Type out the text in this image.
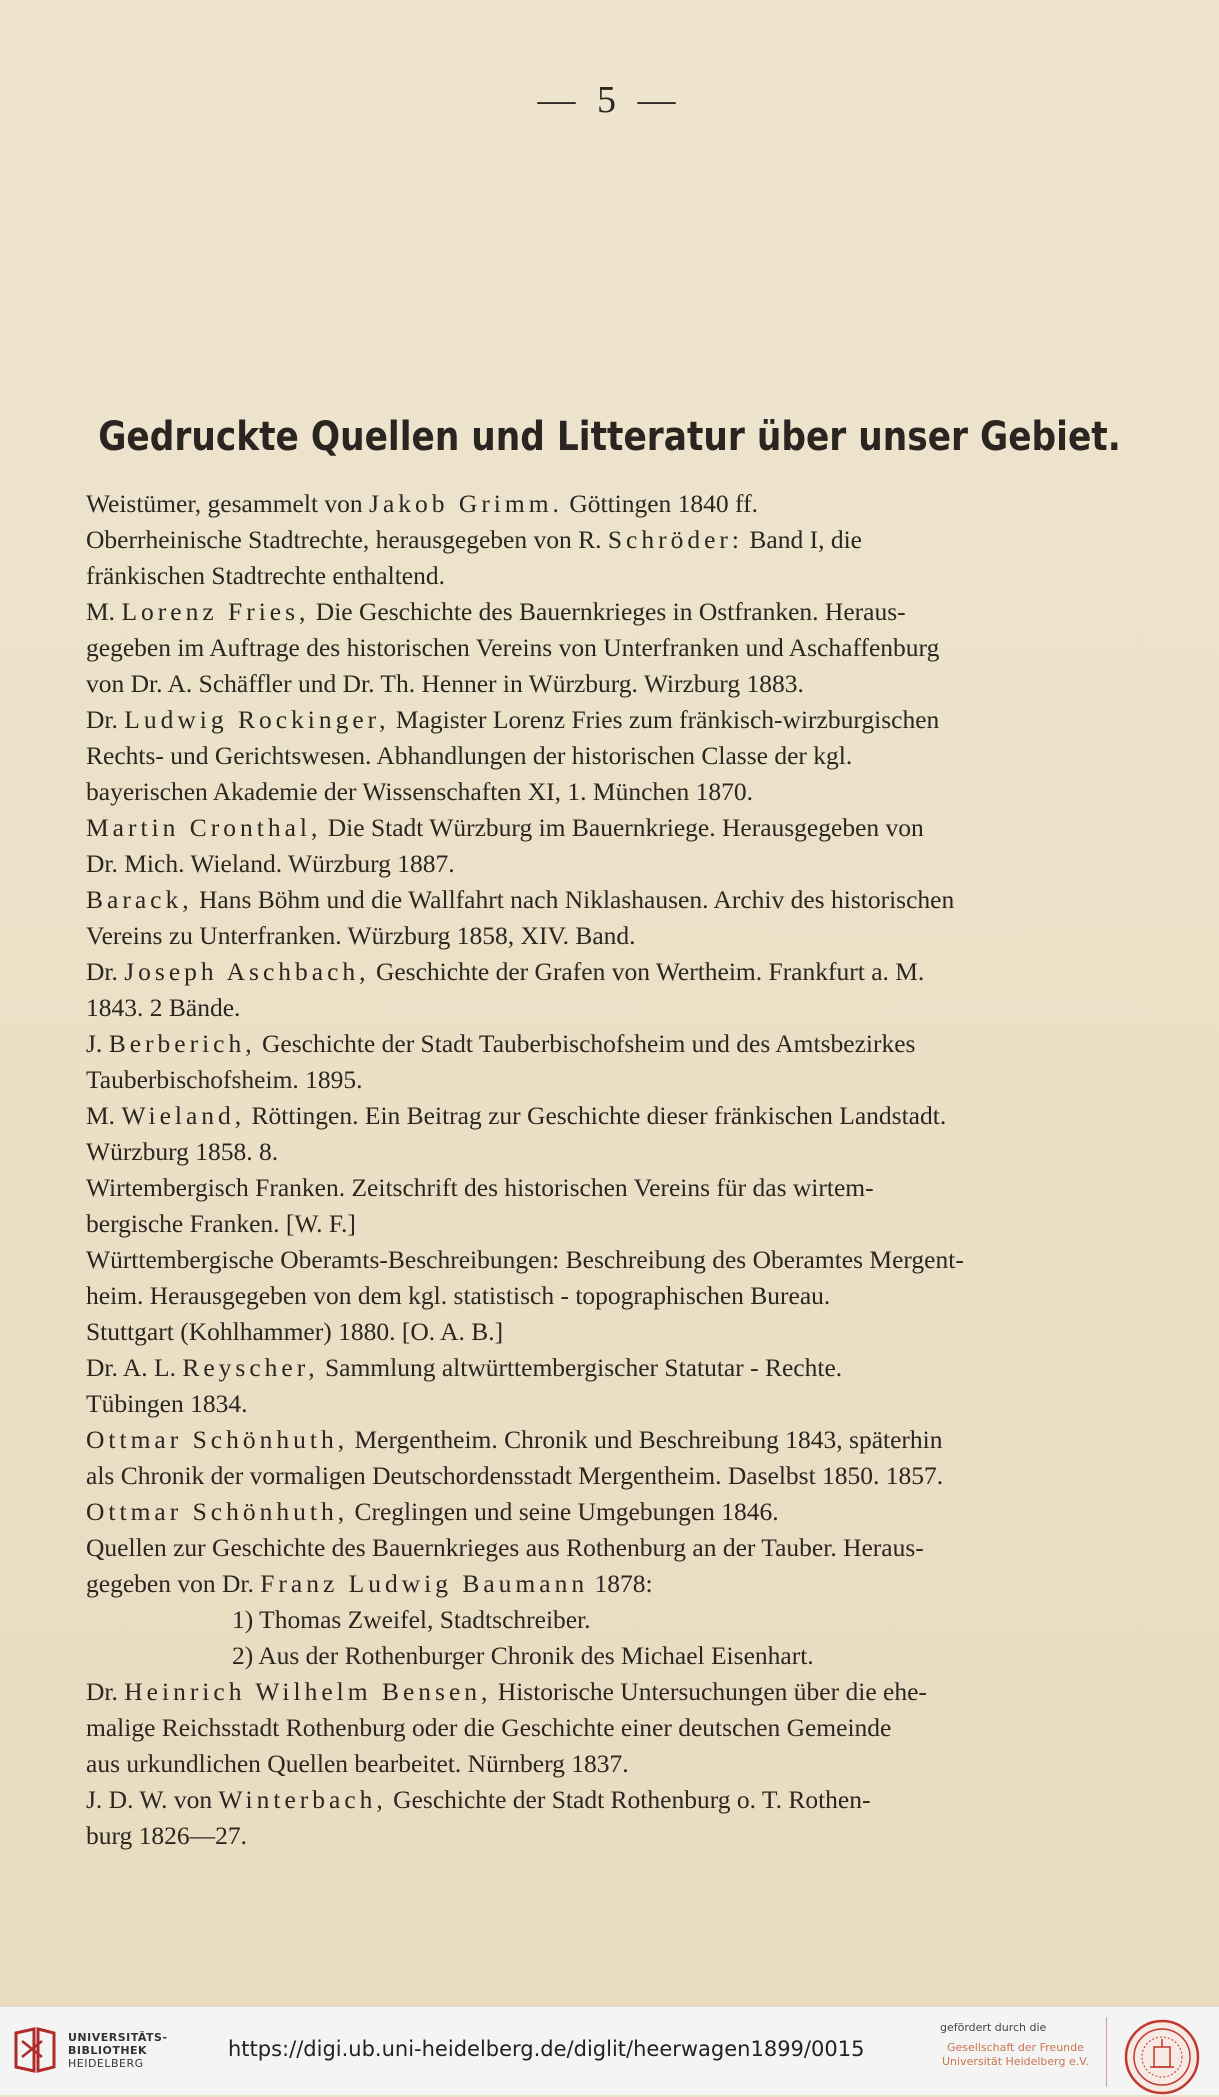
— 5 —
Gedruckte Quellen und Litteratur über unser Gebiet.
Weistümer, gesammelt von Jakob Grimm. Göttingen 1840 ff.
Oberrheinische Stadtrechte, herausgegeben von R. Schröder: Band I, die
fränkischen Stadtrechte enthaltend.
M. Lorenz Fries, Die Geschichte des Bauernkrieges in Ostfranken. Heraus-
gegeben im Auftrage des historischen Vereins von Unterfranken und Aschaffenburg
von Dr. A. Schäffler und Dr. Th. Henner in Würzburg. Wirzburg 1883.
Dr. Ludwig Rockinger, Magister Lorenz Fries zum fränkisch-wirzburgischen
Rechts- und Gerichtswesen. Abhandlungen der historischen Classe der kgl.
bayerischen Akademie der Wissenschaften XI, 1. München 1870.
Martin Cronthal, Die Stadt Würzburg im Bauernkriege. Herausgegeben von
Dr. Mich. Wieland. Würzburg 1887.
Barack, Hans Böhm und die Wallfahrt nach Niklashausen. Archiv des historischen
Vereins zu Unterfranken. Würzburg 1858, XIV. Band.
Dr. Joseph Aschbach, Geschichte der Grafen von Wertheim. Frankfurt a. M.
1843. 2 Bände.
J. Berberich, Geschichte der Stadt Tauberbischofsheim und des Amtsbezirkes
Tauberbischofsheim. 1895.
M. Wieland, Röttingen. Ein Beitrag zur Geschichte dieser fränkischen Landstadt.
Würzburg 1858. 8.
Wirtembergisch Franken. Zeitschrift des historischen Vereins für das wirtem-
bergische Franken. [W. F.]
Württembergische Oberamts-Beschreibungen: Beschreibung des Oberamtes Mergent-
heim. Herausgegeben von dem kgl. statistisch - topographischen Bureau.
Stuttgart (Kohlhammer) 1880. [O. A. B.]
Dr. A. L. Reyscher, Sammlung altwürttembergischer Statutar - Rechte.
Tübingen 1834.
Ottmar Schönhuth, Mergentheim. Chronik und Beschreibung 1843, späterhin
als Chronik der vormaligen Deutschordensstadt Mergentheim. Daselbst 1850. 1857.
Ottmar Schönhuth, Creglingen und seine Umgebungen 1846.
Quellen zur Geschichte des Bauernkrieges aus Rothenburg an der Tauber. Heraus-
gegeben von Dr. Franz Ludwig Baumann 1878:
1) Thomas Zweifel, Stadtschreiber.
2) Aus der Rothenburger Chronik des Michael Eisenhart.
Dr. Heinrich Wilhelm Bensen, Historische Untersuchungen über die ehe-
malige Reichsstadt Rothenburg oder die Geschichte einer deutschen Gemeinde
aus urkundlichen Quellen bearbeitet. Nürnberg 1837.
J. D. W. von Winterbach, Geschichte der Stadt Rothenburg o. T. Rothen-
burg 1826—27.
UNIVERSITÄTS-
BIBLIOTHEK
HEIDELBERG
https://digi.ub.uni-heidelberg.de/diglit/heerwagen1899/0015
gefördert durch die
Gesellschaft der Freunde
Universität Heidelberg e.V.
